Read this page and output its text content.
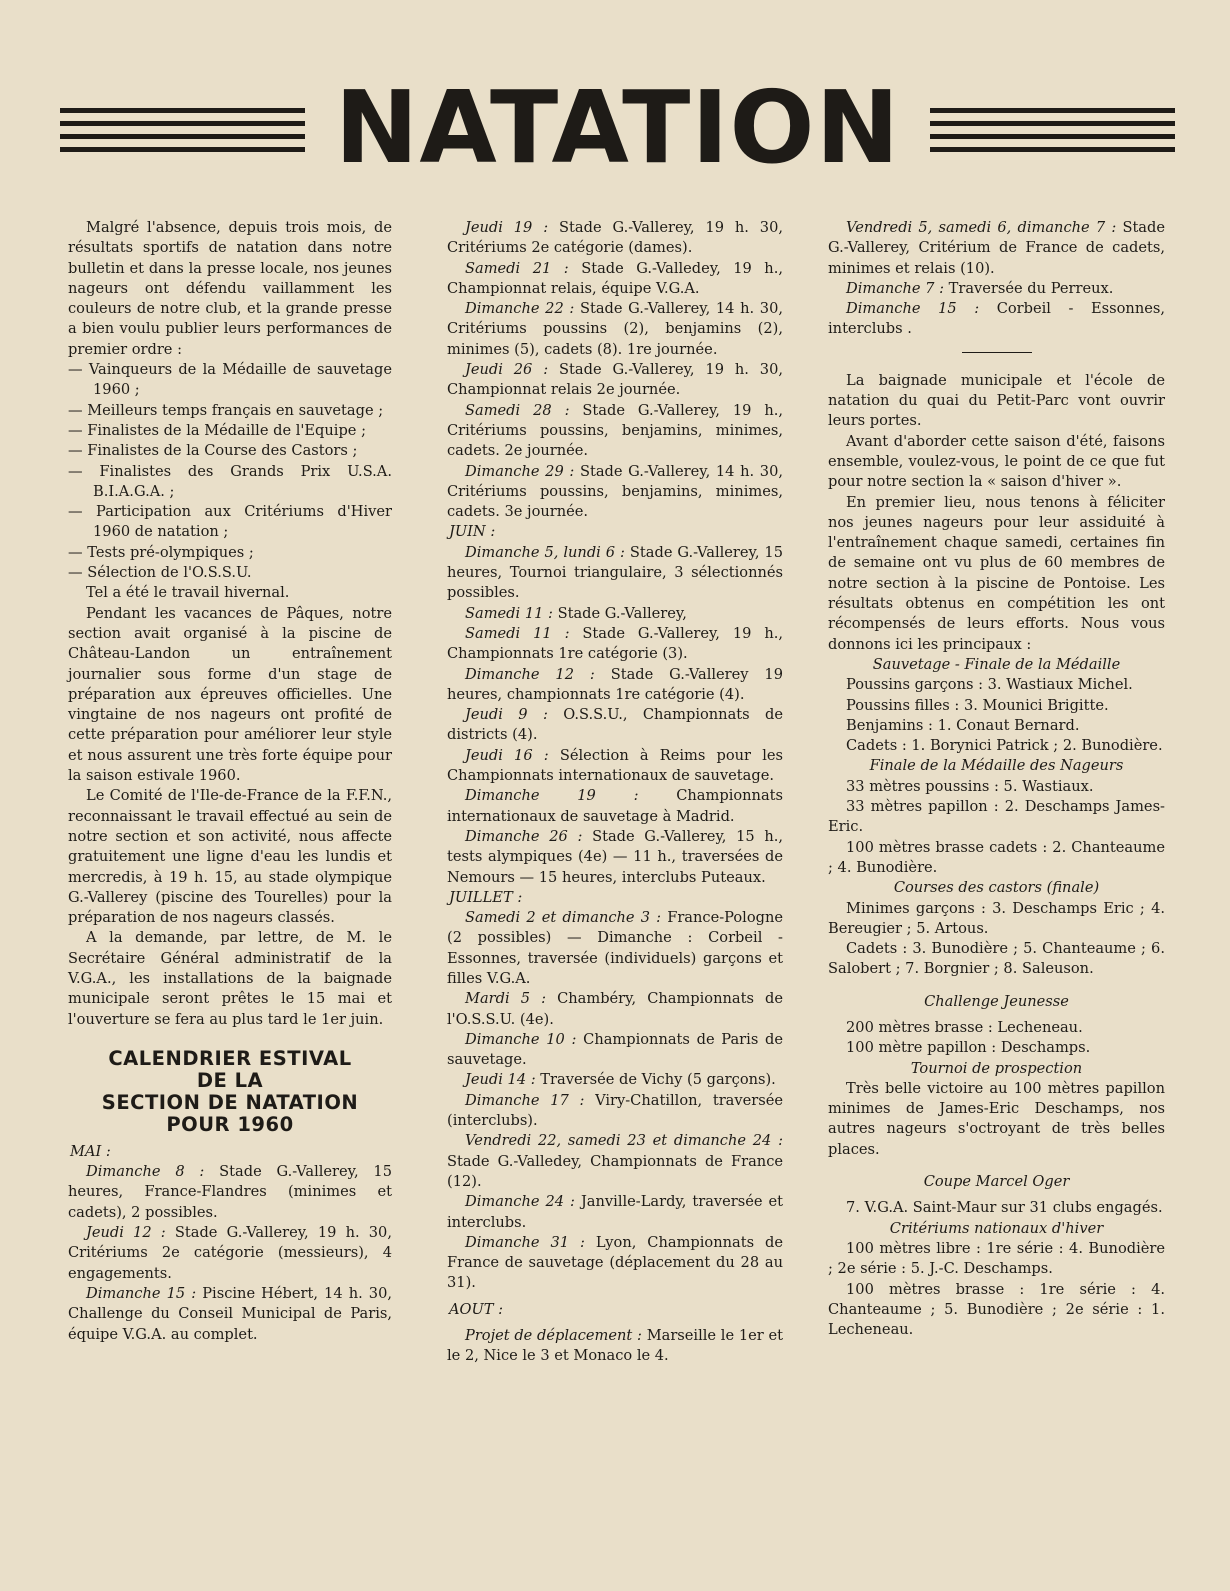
NATATION

Malgré l'absence, depuis trois mois, de résultats sportifs de natation dans notre bulletin et dans la presse locale, nos jeunes nageurs ont défendu vaillamment les couleurs de notre club, et la grande presse a bien voulu publier leurs performances de premier ordre :

— Vainqueurs de la Médaille de sauvetage 1960 ;

— Meilleurs temps français en sauvetage ;

— Finalistes de la Médaille de l'Equipe ;

— Finalistes de la Course des Castors ;

— Finalistes des Grands Prix U.S.A. B.I.A.G.A. ;

— Participation aux Critériums d'Hiver 1960 de natation ;

— Tests pré-olympiques ;

— Sélection de l'O.S.S.U.

Tel a été le travail hivernal.

Pendant les vacances de Pâques, notre section avait organisé à la piscine de Château-Landon un entraînement journalier sous forme d'un stage de préparation aux épreuves officielles. Une vingtaine de nos nageurs ont profité de cette préparation pour améliorer leur style et nous assurent une très forte équipe pour la saison estivale 1960.

Le Comité de l'Ile-de-France de la F.F.N., reconnaissant le travail effectué au sein de notre section et son activité, nous affecte gratuitement une ligne d'eau les lundis et mercredis, à 19 h. 15, au stade olympique G.-Vallerey (piscine des Tourelles) pour la préparation de nos nageurs classés.

A la demande, par lettre, de M. le Secrétaire Général administratif de la V.G.A., les installations de la baignade municipale seront prêtes le 15 mai et l'ouverture se fera au plus tard le 1er juin.

CALENDRIER ESTIVAL
DE LA
SECTION DE NATATION
POUR 1960

MAI :

Dimanche 8 : Stade G.-Vallerey, 15 heures, France-Flandres (minimes et cadets), 2 possibles.

Jeudi 12 : Stade G.-Vallerey, 19 h. 30, Critériums 2e catégorie (messieurs), 4 engagements.

Dimanche 15 : Piscine Hébert, 14 h. 30, Challenge du Conseil Municipal de Paris, équipe V.G.A. au complet.

Jeudi 19 : Stade G.-Vallerey, 19 h. 30, Critériums 2e catégorie (dames).

Samedi 21 : Stade G.-Valledey, 19 h., Championnat relais, équipe V.G.A.

Dimanche 22 : Stade G.-Vallerey, 14 h. 30, Critériums poussins (2), benjamins (2), minimes (5), cadets (8). 1re journée.

Jeudi 26 : Stade G.-Vallerey, 19 h. 30, Championnat relais 2e journée.

Samedi 28 : Stade G.-Vallerey, 19 h., Critériums poussins, benjamins, minimes, cadets. 2e journée.

Dimanche 29 : Stade G.-Vallerey, 14 h. 30, Critériums poussins, benjamins, minimes, cadets. 3e journée.

JUIN :

Dimanche 5, lundi 6 : Stade G.-Vallerey, 15 heures, Tournoi triangulaire, 3 sélectionnés possibles.

Samedi 11 : Stade G.-Vallerey,

Samedi 11 : Stade G.-Vallerey, 19 h., Championnats 1re catégorie (3).

Dimanche 12 : Stade G.-Vallerey 19 heures, championnats 1re catégorie (4).

Jeudi 9 : O.S.S.U., Championnats de districts (4).

Jeudi 16 : Sélection à Reims pour les Championnats internationaux de sauvetage.

Dimanche 19 : Championnats internationaux de sauvetage à Madrid.

Dimanche 26 : Stade G.-Vallerey, 15 h., tests alympiques (4e) — 11 h., traversées de Nemours — 15 heures, interclubs Puteaux.

JUILLET :

Samedi 2 et dimanche 3 : France-Pologne (2 possibles) — Dimanche : Corbeil - Essonnes, traversée (individuels) garçons et filles V.G.A.

Mardi 5 : Chambéry, Championnats de l'O.S.S.U. (4e).

Dimanche 10 : Championnats de Paris de sauvetage.

Jeudi 14 : Traversée de Vichy (5 garçons).

Dimanche 17 : Viry-Chatillon, traversée (interclubs).

Vendredi 22, samedi 23 et dimanche 24 : Stade G.-Valledey, Championnats de France (12).

Dimanche 24 : Janville-Lardy, traversée et interclubs.

Dimanche 31 : Lyon, Championnats de France de sauvetage (déplacement du 28 au 31).

AOUT :

Projet de déplacement : Marseille le 1er et le 2, Nice le 3 et Monaco le 4.

Vendredi 5, samedi 6, dimanche 7 : Stade G.-Vallerey, Critérium de France de cadets, minimes et relais (10).

Dimanche 7 : Traversée du Perreux.

Dimanche 15 : Corbeil - Essonnes, interclubs .

La baignade municipale et l'école de natation du quai du Petit-Parc vont ouvrir leurs portes.

Avant d'aborder cette saison d'été, faisons ensemble, voulez-vous, le point de ce que fut pour notre section la « saison d'hiver ».

En premier lieu, nous tenons à féliciter nos jeunes nageurs pour leur assiduité à l'entraînement chaque samedi, certaines fin de semaine ont vu plus de 60 membres de notre section à la piscine de Pontoise. Les résultats obtenus en compétition les ont récompensés de leurs efforts. Nous vous donnons ici les principaux :

Sauvetage - Finale de la Médaille

Poussins garçons : 3. Wastiaux Michel.

Poussins filles : 3. Mounici Brigitte.

Benjamins : 1. Conaut Bernard.

Cadets : 1. Borynici Patrick ; 2. Bunodière.

Finale de la Médaille des Nageurs

33 mètres poussins : 5. Wastiaux.

33 mètres papillon : 2. Deschamps James-Eric.

100 mètres brasse cadets : 2. Chanteaume ; 4. Bunodière.

Courses des castors (finale)

Minimes garçons : 3. Deschamps Eric ; 4. Bereugier ; 5. Artous.

Cadets : 3. Bunodière ; 5. Chanteaume ; 6. Salobert ; 7. Borgnier ; 8. Saleuson.

Challenge Jeunesse

200 mètres brasse : Lecheneau.

100 mètre papillon : Deschamps.

Tournoi de prospection

Très belle victoire au 100 mètres papillon minimes de James-Eric Deschamps, nos autres nageurs s'octroyant de très belles places.

Coupe Marcel Oger

7. V.G.A. Saint-Maur sur 31 clubs engagés.

Critériums nationaux d'hiver

100 mètres libre : 1re série : 4. Bunodière ; 2e série : 5. J.-C. Deschamps.

100 mètres brasse : 1re série : 4. Chanteaume ; 5. Bunodière ; 2e série : 1. Lecheneau.
